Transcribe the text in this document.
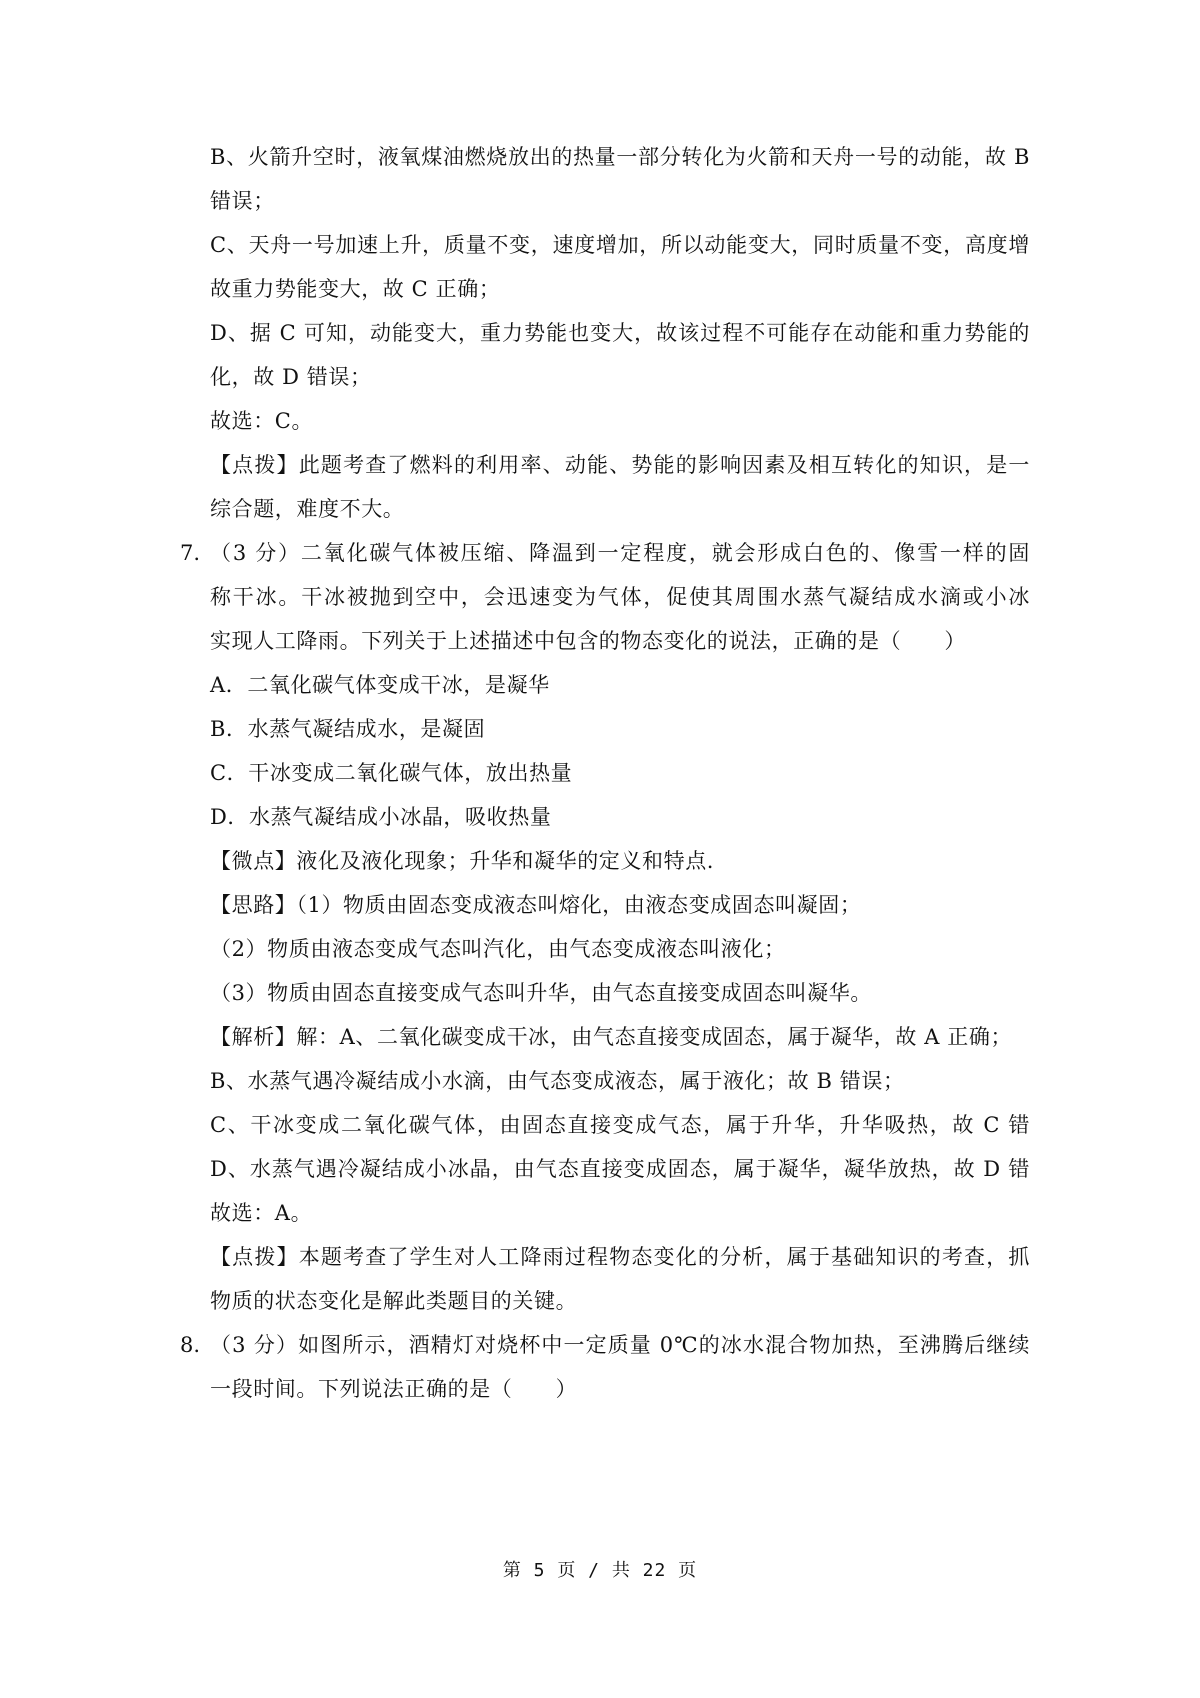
B、火箭升空时，液氧煤油燃烧放出的热量一部分转化为火箭和天舟一号的动能，故 B
错误；
C、天舟一号加速上升，质量不变，速度增加，所以动能变大，同时质量不变，高度增
故重力势能变大，故 C 正确；
D、据 C 可知，动能变大，重力势能也变大，故该过程不可能存在动能和重力势能的
化，故 D 错误；
故选：C。
【点拨】此题考查了燃料的利用率、动能、势能的影响因素及相互转化的知识，是一
综合题，难度不大。
7. （3 分）二氧化碳气体被压缩、降温到一定程度，就会形成白色的、像雪一样的固
称干冰。干冰被抛到空中，会迅速变为气体，促使其周围水蒸气凝结成水滴或小冰
实现人工降雨。下列关于上述描述中包含的物态变化的说法，正确的是（　　）
A．二氧化碳气体变成干冰，是凝华
B．水蒸气凝结成水，是凝固
C．干冰变成二氧化碳气体，放出热量
D．水蒸气凝结成小冰晶，吸收热量
【微点】液化及液化现象；升华和凝华的定义和特点.
【思路】（1）物质由固态变成液态叫熔化，由液态变成固态叫凝固；
（2）物质由液态变成气态叫汽化，由气态变成液态叫液化；
（3）物质由固态直接变成气态叫升华，由气态直接变成固态叫凝华。
【解析】解：A、二氧化碳变成干冰，由气态直接变成固态，属于凝华，故 A 正确；
B、水蒸气遇冷凝结成小水滴，由气态变成液态，属于液化；故 B 错误；
C、干冰变成二氧化碳气体，由固态直接变成气态，属于升华，升华吸热，故 C 错
D、水蒸气遇冷凝结成小冰晶，由气态直接变成固态，属于凝华，凝华放热，故 D 错
故选：A。
【点拨】本题考查了学生对人工降雨过程物态变化的分析，属于基础知识的考查，抓
物质的状态变化是解此类题目的关键。
8. （3 分）如图所示，酒精灯对烧杯中一定质量 0℃的冰水混合物加热，至沸腾后继续
一段时间。下列说法正确的是（　　）
第 5 页 / 共 22 页
